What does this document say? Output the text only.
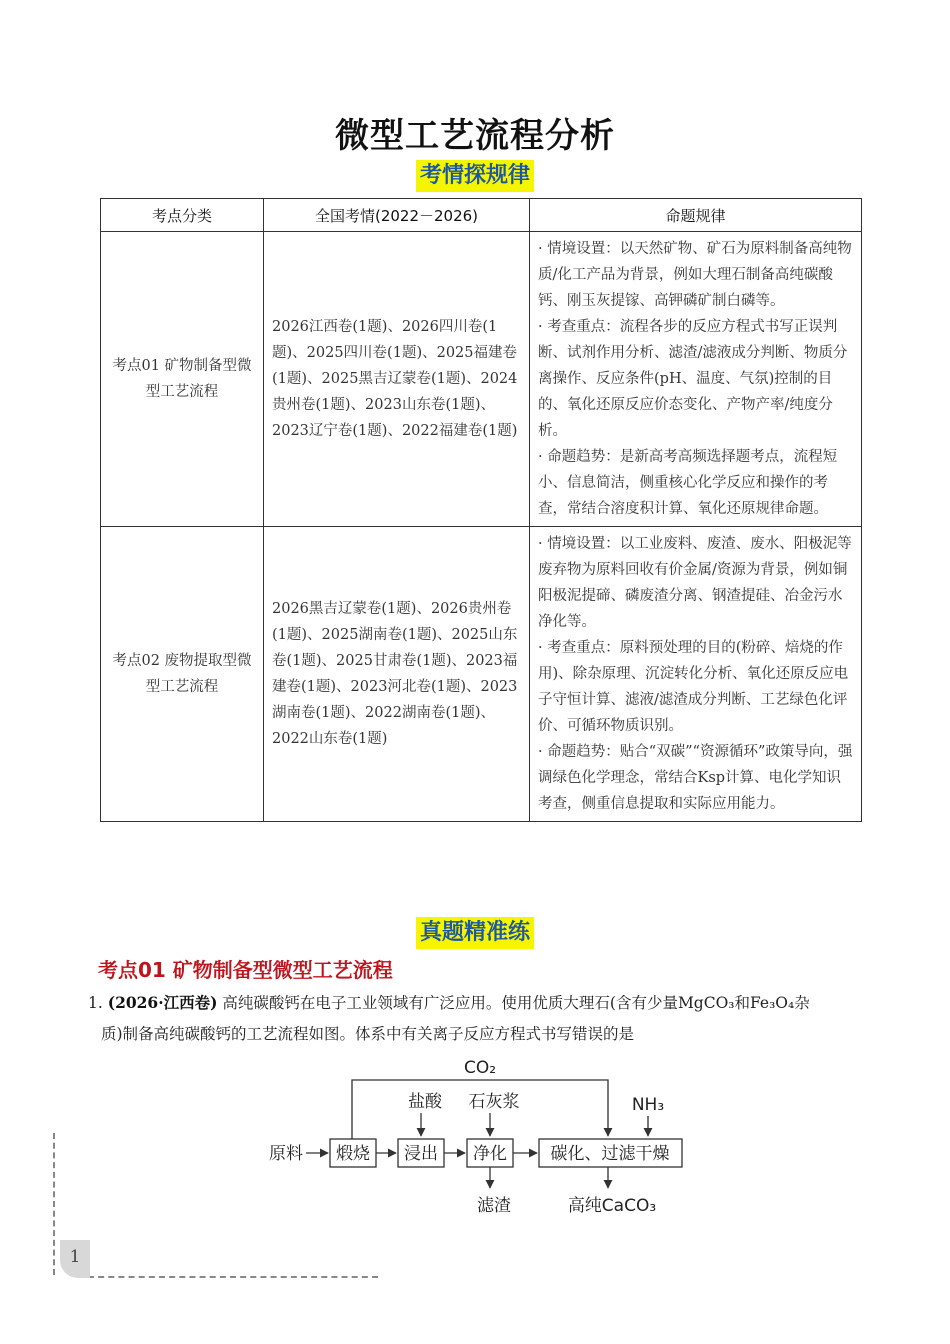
微型工艺流程分析
考情探规律
考点分类	全国考情(2022－2026)	命题规律
考点01 矿物制备型微型工艺流程	2026江西卷(1题)、2026四川卷(1题)、2025四川卷(1题)、2025福建卷(1题)、2025黑吉辽蒙卷(1题)、2024贵州卷(1题)、2023山东卷(1题)、2023辽宁卷(1题)、2022福建卷(1题)	· 情境设置：以天然矿物、矿石为原料制备高纯物质/化工产品为背景，例如大理石制备高纯碳酸钙、刚玉灰提镓、高钾磷矿制白磷等。
· 考查重点：流程各步的反应方程式书写正误判断、试剂作用分析、滤渣/滤液成分判断、物质分离操作、反应条件(pH、温度、气氛)控制的目的、氧化还原反应价态变化、产物产率/纯度分析。
· 命题趋势：是新高考高频选择题考点，流程短小、信息简洁，侧重核心化学反应和操作的考查，常结合溶度积计算、氧化还原规律命题。

考点02 废物提取型微型工艺流程	2026黑吉辽蒙卷(1题)、2026贵州卷(1题)、2025湖南卷(1题)、2025山东卷(1题)、2025甘肃卷(1题)、2023福建卷(1题)、2023河北卷(1题)、2023湖南卷(1题)、2022湖南卷(1题)、2022山东卷(1题)	· 情境设置：以工业废料、废渣、废水、阳极泥等废弃物为原料回收有价金属/资源为背景，例如铜阳极泥提碲、磷废渣分离、钢渣提硅、冶金污水净化等。
· 考查重点：原料预处理的目的(粉碎、焙烧的作用)、除杂原理、沉淀转化分析、氧化还原反应电子守恒计算、滤液/滤渣成分判断、工艺绿色化评价、可循环物质识别。
· 命题趋势：贴合“双碳”“资源循环”政策导向，强调绿色化学理念，常结合Ksp计算、电化学知识考查，侧重信息提取和实际应用能力。
真题精准练
考点01 矿物制备型微型工艺流程
1. (2026·江西卷) 高纯碳酸钙在电子工业领域有广泛应用。使用优质大理石(含有少量MgCO₃和Fe₃O₄杂
质)制备高纯碳酸钙的工艺流程如图。体系中有关离子反应方程式书写错误的是
CO₂
盐酸 石灰浆	NH₃
原料 煅烧 浸出 净化	碳化、过滤干燥
滤渣	高纯CaCO₃
1
